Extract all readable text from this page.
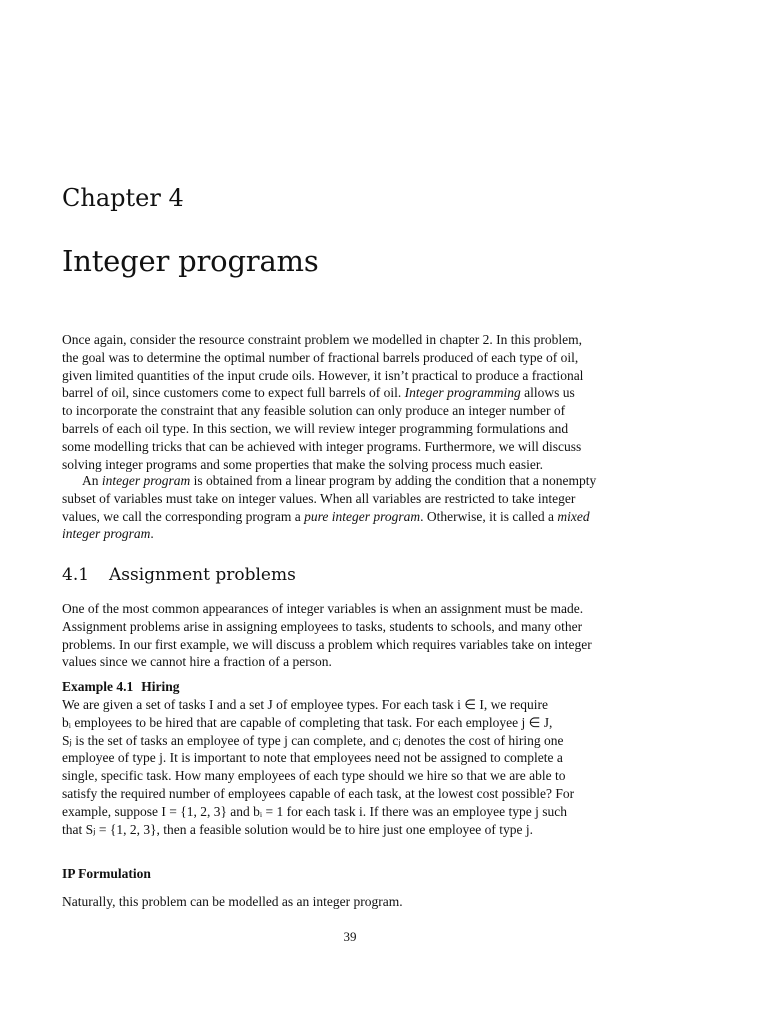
Chapter 4
Integer programs

Once again, consider the resource constraint problem we modelled in chapter 2. In this problem,
the goal was to determine the optimal number of fractional barrels produced of each type of oil,
given limited quantities of the input crude oils. However, it isn’t practical to produce a fractional
barrel of oil, since customers come to expect full barrels of oil. Integer programming allows us
to incorporate the constraint that any feasible solution can only produce an integer number of
barrels of each oil type. In this section, we will review integer programming formulations and
some modelling tricks that can be achieved with integer programs. Furthermore, we will discuss
solving integer programs and some properties that make the solving process much easier.

An integer program is obtained from a linear program by adding the condition that a nonempty
subset of variables must take on integer values. When all variables are restricted to take integer
values, we call the corresponding program a pure integer program. Otherwise, it is called a mixed
integer program.

4.1 Assignment problems

One of the most common appearances of integer variables is when an assignment must be made.
Assignment problems arise in assigning employees to tasks, students to schools, and many other
problems. In our first example, we will discuss a problem which requires variables take on integer
values since we cannot hire a fraction of a person.

Example 4.1 Hiring

We are given a set of tasks I and a set J of employee types. For each task i ∈ I, we require
bᵢ employees to be hired that are capable of completing that task. For each employee j ∈ J,
Sⱼ is the set of tasks an employee of type j can complete, and cⱼ denotes the cost of hiring one
employee of type j. It is important to note that employees need not be assigned to complete a
single, specific task. How many employees of each type should we hire so that we are able to
satisfy the required number of employees capable of each task, at the lowest cost possible? For
example, suppose I = {1, 2, 3} and bᵢ = 1 for each task i. If there was an employee type j such
that Sⱼ = {1, 2, 3}, then a feasible solution would be to hire just one employee of type j.

IP Formulation

Naturally, this problem can be modelled as an integer program.

39
